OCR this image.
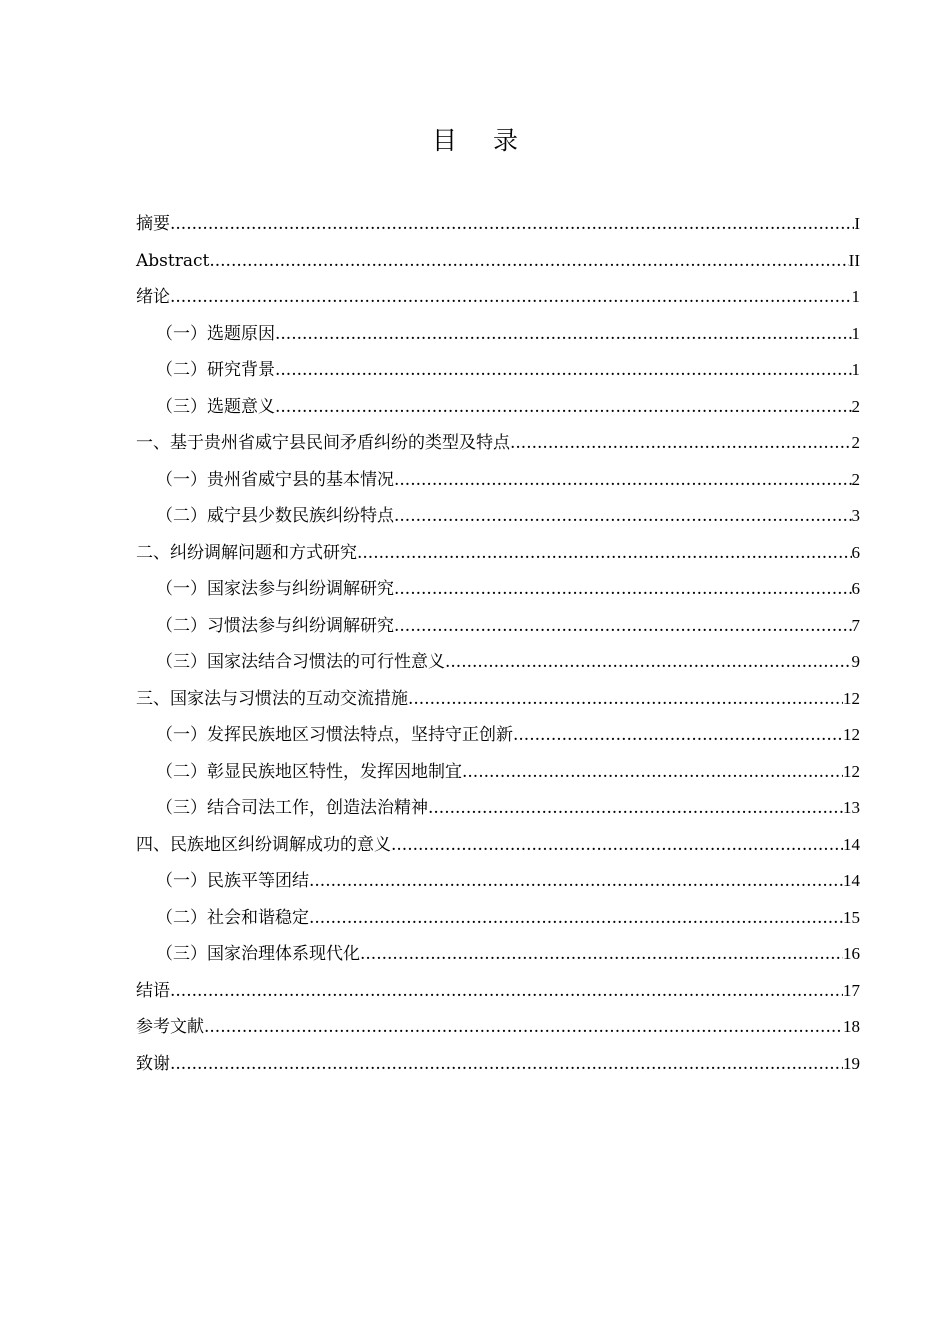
目 录
摘要 .....	I
Abstract .....	II
绪论 .....	1
（一）选题原因 .....	1
（二）研究背景 .....	1
（三）选题意义 .....	2
一、基于贵州省威宁县民间矛盾纠纷的类型及特点 .....	2
（一）贵州省威宁县的基本情况 .....	2
（二）威宁县少数民族纠纷特点 .....	3
二、纠纷调解问题和方式研究 .....	6
（一）国家法参与纠纷调解研究 .....	6
（二）习惯法参与纠纷调解研究 .....	7
（三）国家法结合习惯法的可行性意义 .....	9
三、国家法与习惯法的互动交流措施 .....	12
（一）发挥民族地区习惯法特点，坚持守正创新 .....	12
（二）彰显民族地区特性，发挥因地制宜 .....	12
（三）结合司法工作，创造法治精神 .....	13
四、民族地区纠纷调解成功的意义 .....	14
（一）民族平等团结 .....	14
（二）社会和谐稳定 .....	15
（三）国家治理体系现代化 .....	16
结语 .....	17
参考文献 .....	18
致谢 .....	19
